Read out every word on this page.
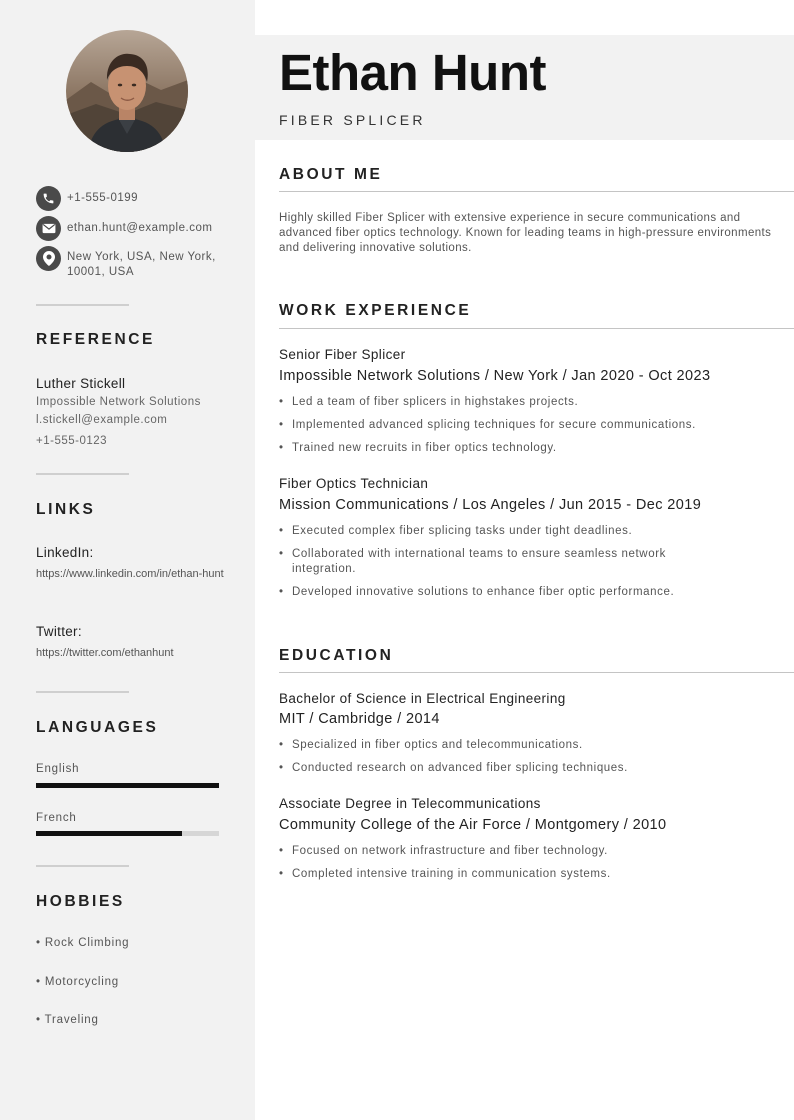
+1-555-0199
ethan.hunt@example.com
New York, USA, New York, 10001, USA
REFERENCE
Luther Stickell
Impossible Network Solutions
l.stickell@example.com
+1-555-0123
LINKS
LinkedIn:
https://www.linkedin.com/in/ethan-hunt
Twitter:
https://twitter.com/ethanhunt
LANGUAGES
English
French
HOBBIES
• Rock Climbing
• Motorcycling
• Traveling
Ethan Hunt
FIBER SPLICER
ABOUT ME
Highly skilled Fiber Splicer with extensive experience in secure communications and advanced fiber optics technology. Known for leading teams in high-pressure environments and delivering innovative solutions.
WORK EXPERIENCE
Senior Fiber Splicer
Impossible Network Solutions / New York / Jan 2020 - Oct 2023
• Led a team of fiber splicers in highstakes projects.
• Implemented advanced splicing techniques for secure communications.
• Trained new recruits in fiber optics technology.
Fiber Optics Technician
Mission Communications / Los Angeles / Jun 2015 - Dec 2019
• Executed complex fiber splicing tasks under tight deadlines.
• Collaborated with international teams to ensure seamless network integration.
• Developed innovative solutions to enhance fiber optic performance.
EDUCATION
Bachelor of Science in Electrical Engineering
MIT / Cambridge / 2014
• Specialized in fiber optics and telecommunications.
• Conducted research on advanced fiber splicing techniques.
Associate Degree in Telecommunications
Community College of the Air Force / Montgomery / 2010
• Focused on network infrastructure and fiber technology.
• Completed intensive training in communication systems.
